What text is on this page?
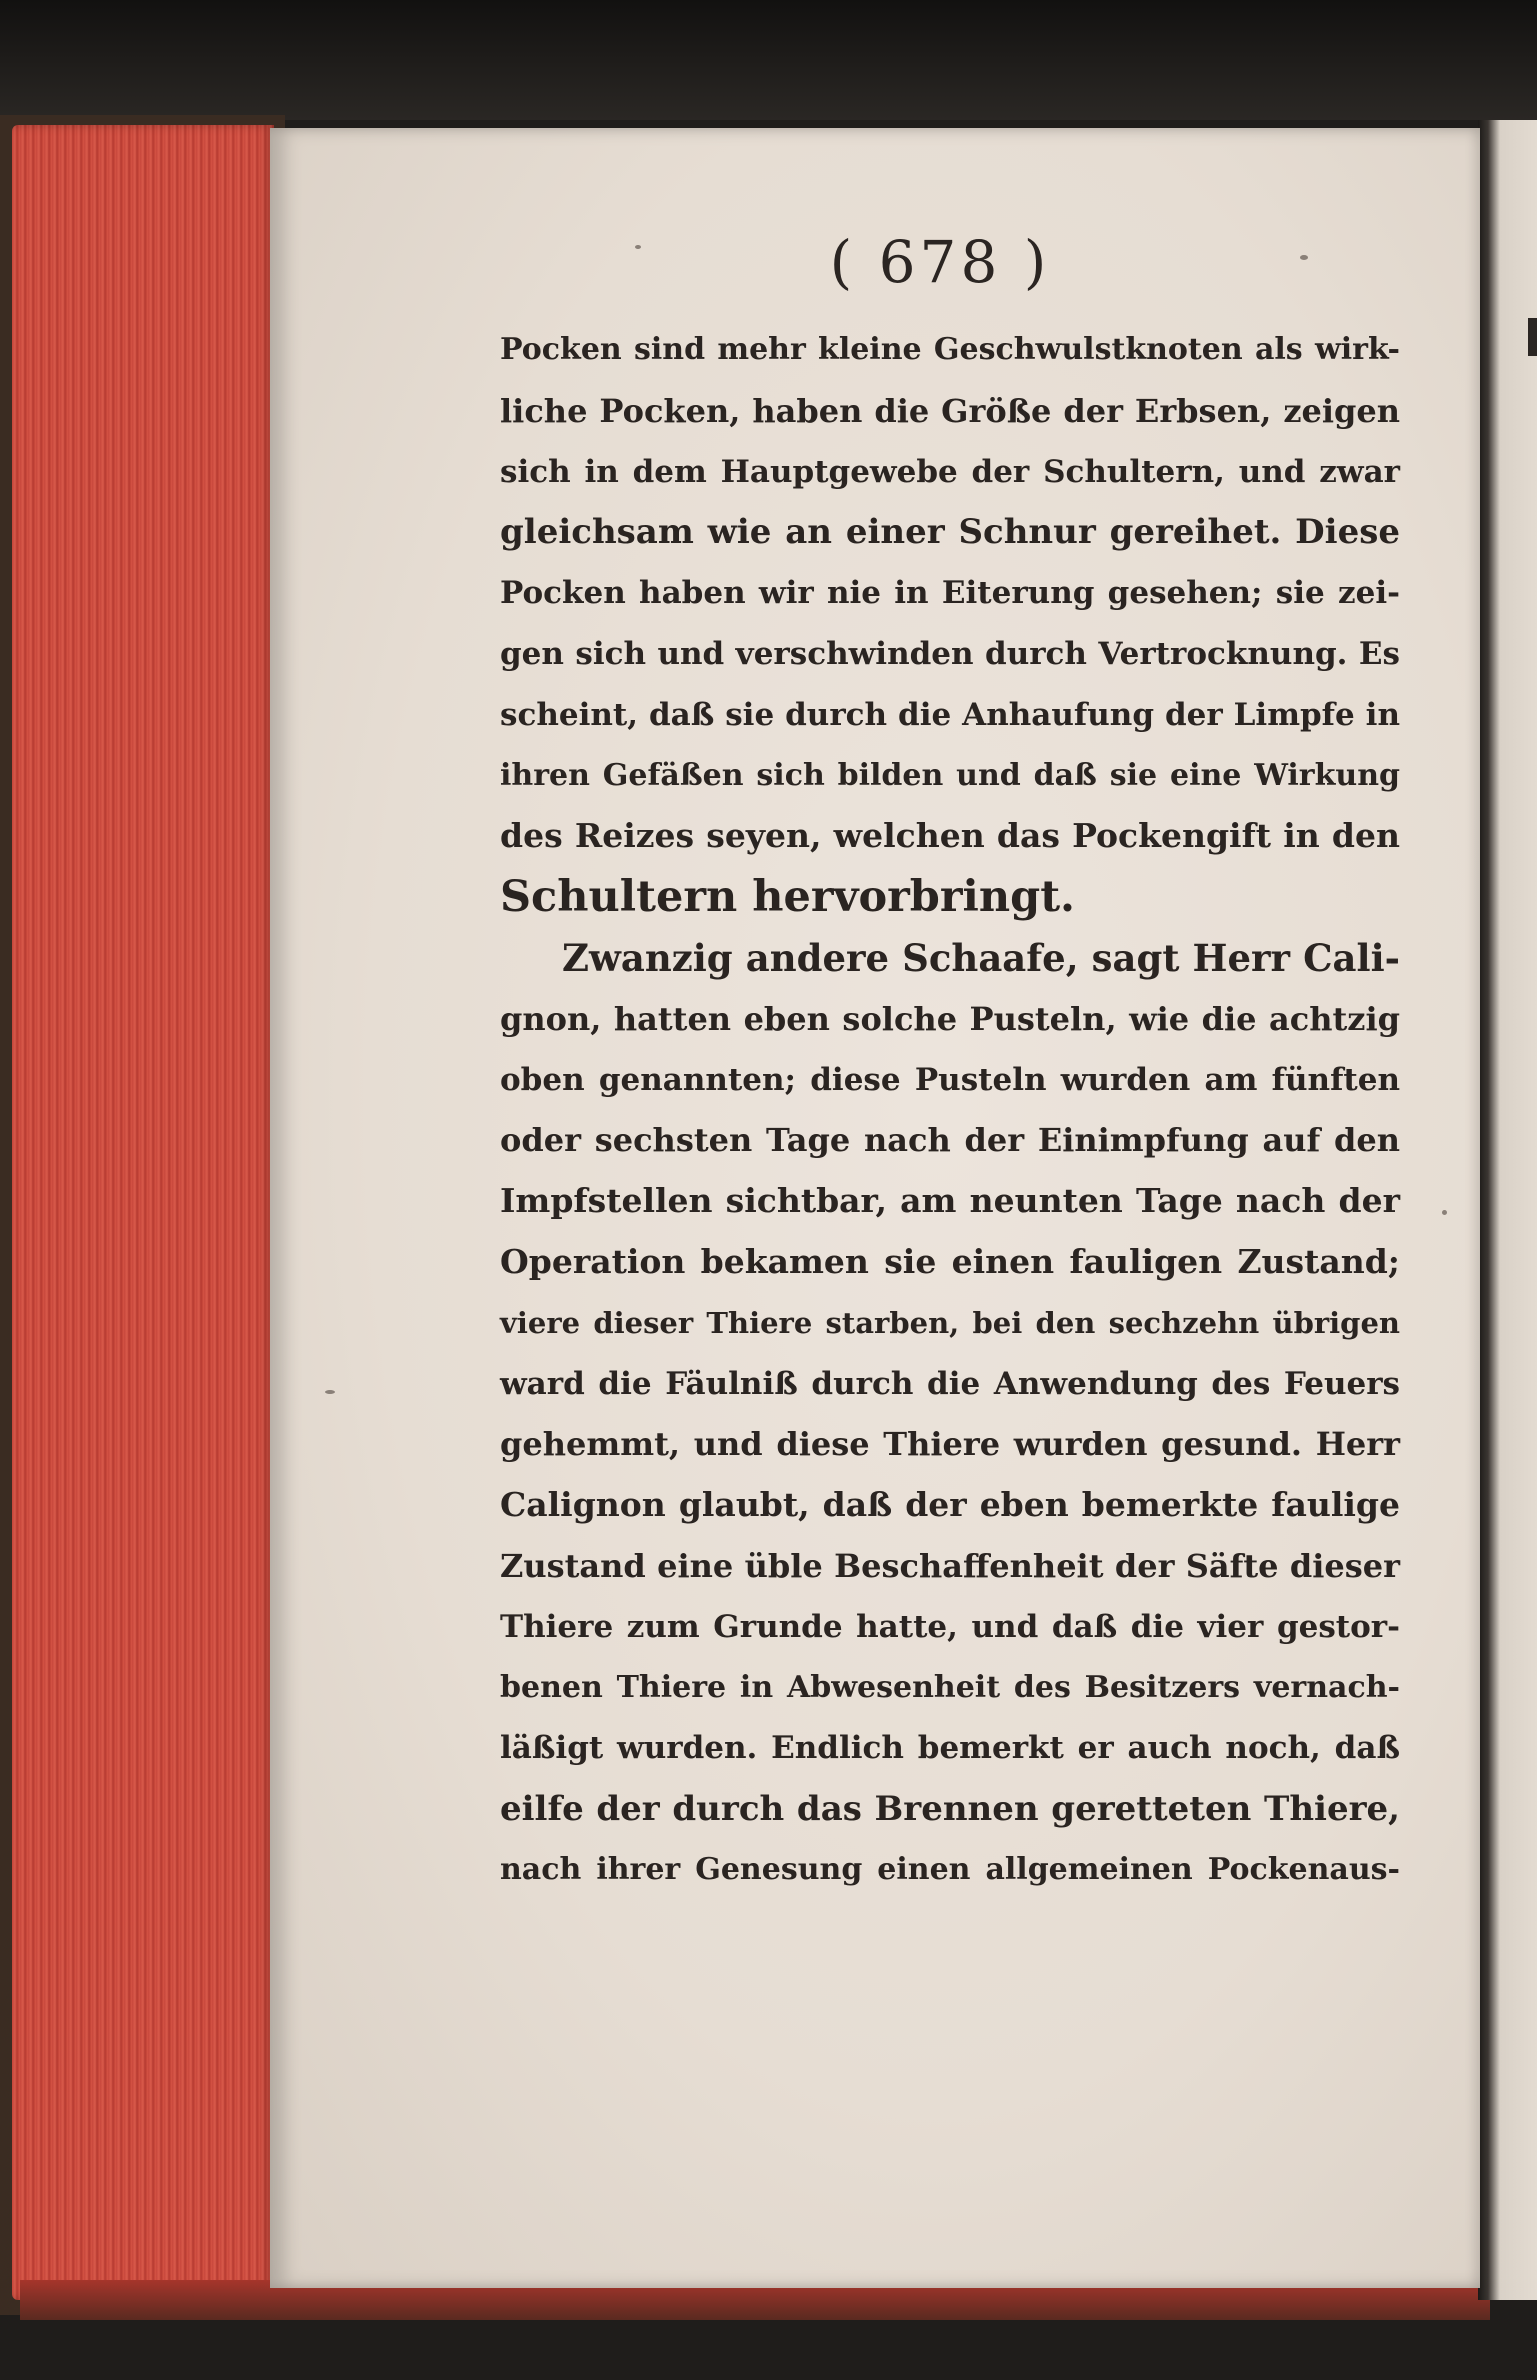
( 678 )
Pocken sind mehr kleine Geschwulstknoten als wirk-
liche Pocken, haben die Größe der Erbsen, zeigen
sich in dem Hauptgewebe der Schultern, und zwar
gleichsam wie an einer Schnur gereihet. Diese
Pocken haben wir nie in Eiterung gesehen; sie zei-
gen sich und verschwinden durch Vertrocknung. Es
scheint, daß sie durch die Anhaufung der Limpfe in
ihren Gefäßen sich bilden und daß sie eine Wirkung
des Reizes seyen, welchen das Pockengift in den
Schultern hervorbringt.
Zwanzig andere Schaafe, sagt Herr Cali-
gnon, hatten eben solche Pusteln, wie die achtzig
oben genannten; diese Pusteln wurden am fünften
oder sechsten Tage nach der Einimpfung auf den
Impfstellen sichtbar, am neunten Tage nach der
Operation bekamen sie einen fauligen Zustand;
viere dieser Thiere starben, bei den sechzehn übrigen
ward die Fäulniß durch die Anwendung des Feuers
gehemmt, und diese Thiere wurden gesund. Herr
Calignon glaubt, daß der eben bemerkte faulige
Zustand eine üble Beschaffenheit der Säfte dieser
Thiere zum Grunde hatte, und daß die vier gestor-
benen Thiere in Abwesenheit des Besitzers vernach-
läßigt wurden. Endlich bemerkt er auch noch, daß
eilfe der durch das Brennen geretteten Thiere,
nach ihrer Genesung einen allgemeinen Pockenaus-
